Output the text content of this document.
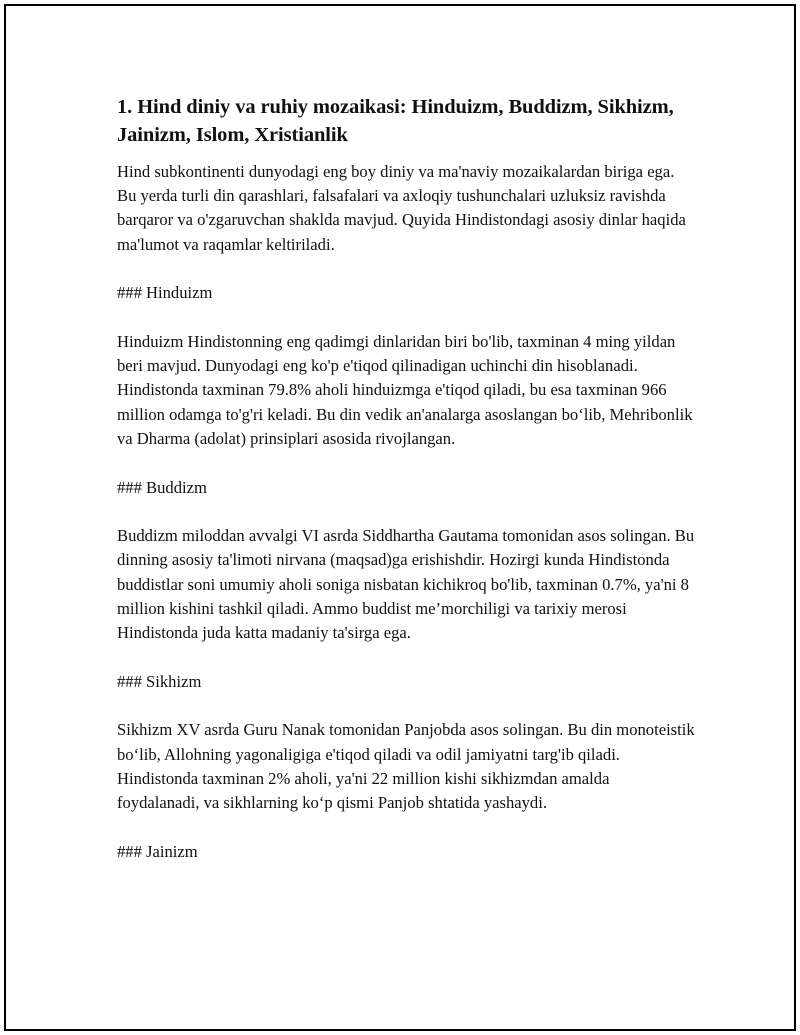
1. Hind diniy va ruhiy mozaikasi: Hinduizm, Buddizm, Sikhizm, Jainizm, Islom, Xristianlik

Hind subkontinenti dunyodagi eng boy diniy va ma'naviy mozaikalardan biriga ega. Bu yerda turli din qarashlari, falsafalari va axloqiy tushunchalari uzluksiz ravishda barqaror va o'zgaruvchan shaklda mavjud. Quyida Hindistondagi asosiy dinlar haqida ma'lumot va raqamlar keltiriladi.

### Hinduizm

Hinduizm Hindistonning eng qadimgi dinlaridan biri bo'lib, taxminan 4 ming yildan beri mavjud. Dunyodagi eng ko'p e'tiqod qilinadigan uchinchi din hisoblanadi. Hindistonda taxminan 79.8% aholi hinduizmga e'tiqod qiladi, bu esa taxminan 966 million odamga to'g'ri keladi. Bu din vedik an'analarga asoslangan bo‘lib, Mehribonlik va Dharma (adolat) prinsiplari asosida rivojlangan.

### Buddizm

Buddizm miloddan avvalgi VI asrda Siddhartha Gautama tomonidan asos solingan. Bu dinning asosiy ta'limoti nirvana (maqsad)ga erishishdir. Hozirgi kunda Hindistonda buddistlar soni umumiy aholi soniga nisbatan kichikroq bo'lib, taxminan 0.7%, ya'ni 8 million kishini tashkil qiladi. Ammo buddist me’morchiligi va tarixiy merosi Hindistonda juda katta madaniy ta'sirga ega.

### Sikhizm

Sikhizm XV asrda Guru Nanak tomonidan Panjobda asos solingan. Bu din monoteistik bo‘lib, Allohning yagonaligiga e'tiqod qiladi va odil jamiyatni targ'ib qiladi. Hindistonda taxminan 2% aholi, ya'ni 22 million kishi sikhizmdan amalda foydalanadi, va sikhlarning ko‘p qismi Panjob shtatida yashaydi.

### Jainizm
